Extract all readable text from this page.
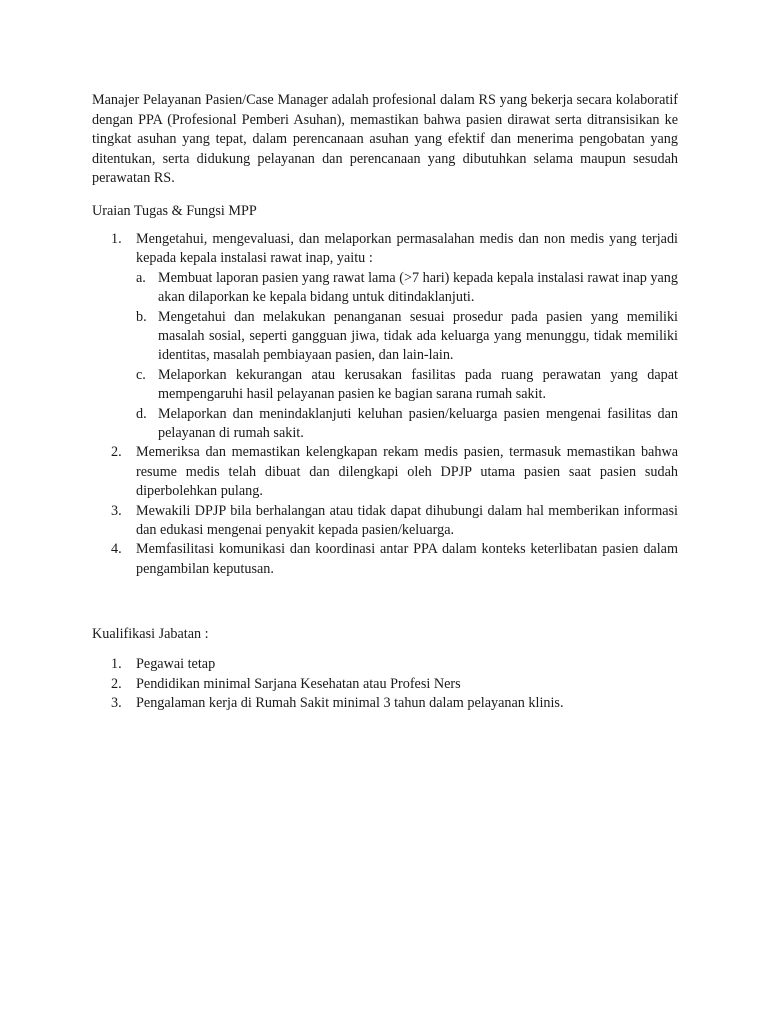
Manajer Pelayanan Pasien/Case Manager adalah profesional dalam RS yang bekerja secara kolaboratif dengan PPA (Profesional Pemberi Asuhan), memastikan bahwa pasien dirawat serta ditransisikan ke tingkat asuhan yang tepat, dalam perencanaan asuhan yang efektif dan menerima pengobatan yang ditentukan, serta didukung pelayanan dan perencanaan yang dibutuhkan selama maupun sesudah perawatan RS.

Uraian Tugas & Fungsi MPP

1. Mengetahui, mengevaluasi, dan melaporkan permasalahan medis dan non medis yang terjadi kepada kepala instalasi rawat inap, yaitu :
a. Membuat laporan pasien yang rawat lama (>7 hari) kepada kepala instalasi rawat inap yang akan dilaporkan ke kepala bidang untuk ditindaklanjuti.
b. Mengetahui dan melakukan penanganan sesuai prosedur pada pasien yang memiliki masalah sosial, seperti gangguan jiwa, tidak ada keluarga yang menunggu, tidak memiliki identitas, masalah pembiayaan pasien, dan lain-lain.
c. Melaporkan kekurangan atau kerusakan fasilitas pada ruang perawatan yang dapat mempengaruhi hasil pelayanan pasien ke bagian sarana rumah sakit.
d. Melaporkan dan menindaklanjuti keluhan pasien/keluarga pasien mengenai fasilitas dan pelayanan di rumah sakit.
2. Memeriksa dan memastikan kelengkapan rekam medis pasien, termasuk memastikan bahwa resume medis telah dibuat dan dilengkapi oleh DPJP utama pasien saat pasien sudah diperbolehkan pulang.
3. Mewakili DPJP bila berhalangan atau tidak dapat dihubungi dalam hal memberikan informasi dan edukasi mengenai penyakit kepada pasien/keluarga.
4. Memfasilitasi komunikasi dan koordinasi antar PPA dalam konteks keterlibatan pasien dalam pengambilan keputusan.

Kualifikasi Jabatan :

1. Pegawai tetap
2. Pendidikan minimal Sarjana Kesehatan atau Profesi Ners
3. Pengalaman kerja di Rumah Sakit minimal 3 tahun dalam pelayanan klinis.
